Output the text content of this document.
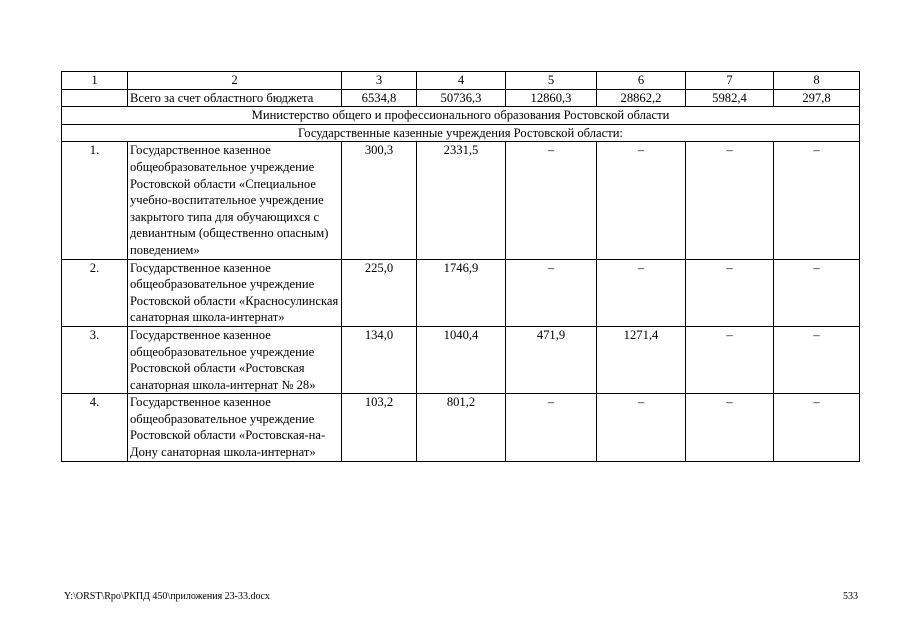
1	2	3	4	5	6	7	8
	Всего за счет областного бюджета	6534,8	50736,3	12860,3	28862,2	5982,4	297,8
Министерство общего и профессионального образования Ростовской области							
Государственные казенные учреждения Ростовской области:							
1.	Государственное казенное общеобразовательное учреждение Ростовской области «Специальное учебно-воспитательное учреждение закрытого типа для обучающихся с девиантным (общественно опасным) поведением»	300,3	2331,5	–	–	–	–
2.	Государственное казенное общеобразовательное учреждение Ростовской области «Красносулинская санаторная школа-интернат»	225,0	1746,9	–	–	–	–
3.	Государственное казенное общеобразовательное учреждение Ростовской области «Ростовская санаторная школа-интернат № 28»	134,0	1040,4	471,9	1271,4	–	–
4.	Государственное казенное общеобразовательное учреждение Ростовской области «Ростовская-на-Дону санаторная школа-интернат»	103,2	801,2	–	–	–	–
Y:\ORST\Rpo\РКПД 450\приложения 23-33.docx	533
